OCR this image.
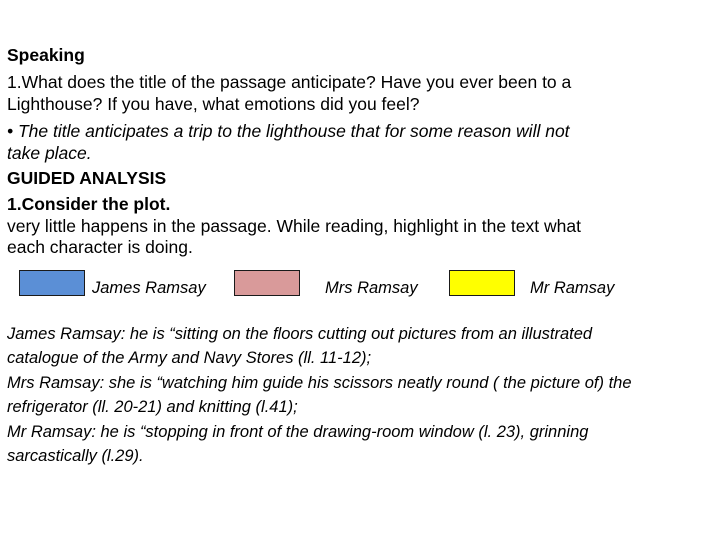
Speaking
1.What does the title of the passage anticipate? Have you ever been to a
Lighthouse? If you have, what emotions did you feel?
• The title anticipates a trip to the lighthouse that for some reason will not
take place.
GUIDED ANALYSIS
1.Consider the plot.
very little happens in the passage. While reading, highlight in the text what
each character is doing.
James Ramsay	Mrs Ramsay	Mr Ramsay
James Ramsay: he is “sitting on the floors cutting out pictures from an illustrated
catalogue of the Army and Navy Stores (ll. 11-12);
Mrs Ramsay: she is “watching him guide his scissors neatly round ( the picture of) the
refrigerator (ll. 20-21) and knitting (l.41);
Mr Ramsay: he is “stopping in front of the drawing-room window (l. 23), grinning
sarcastically (l.29).
